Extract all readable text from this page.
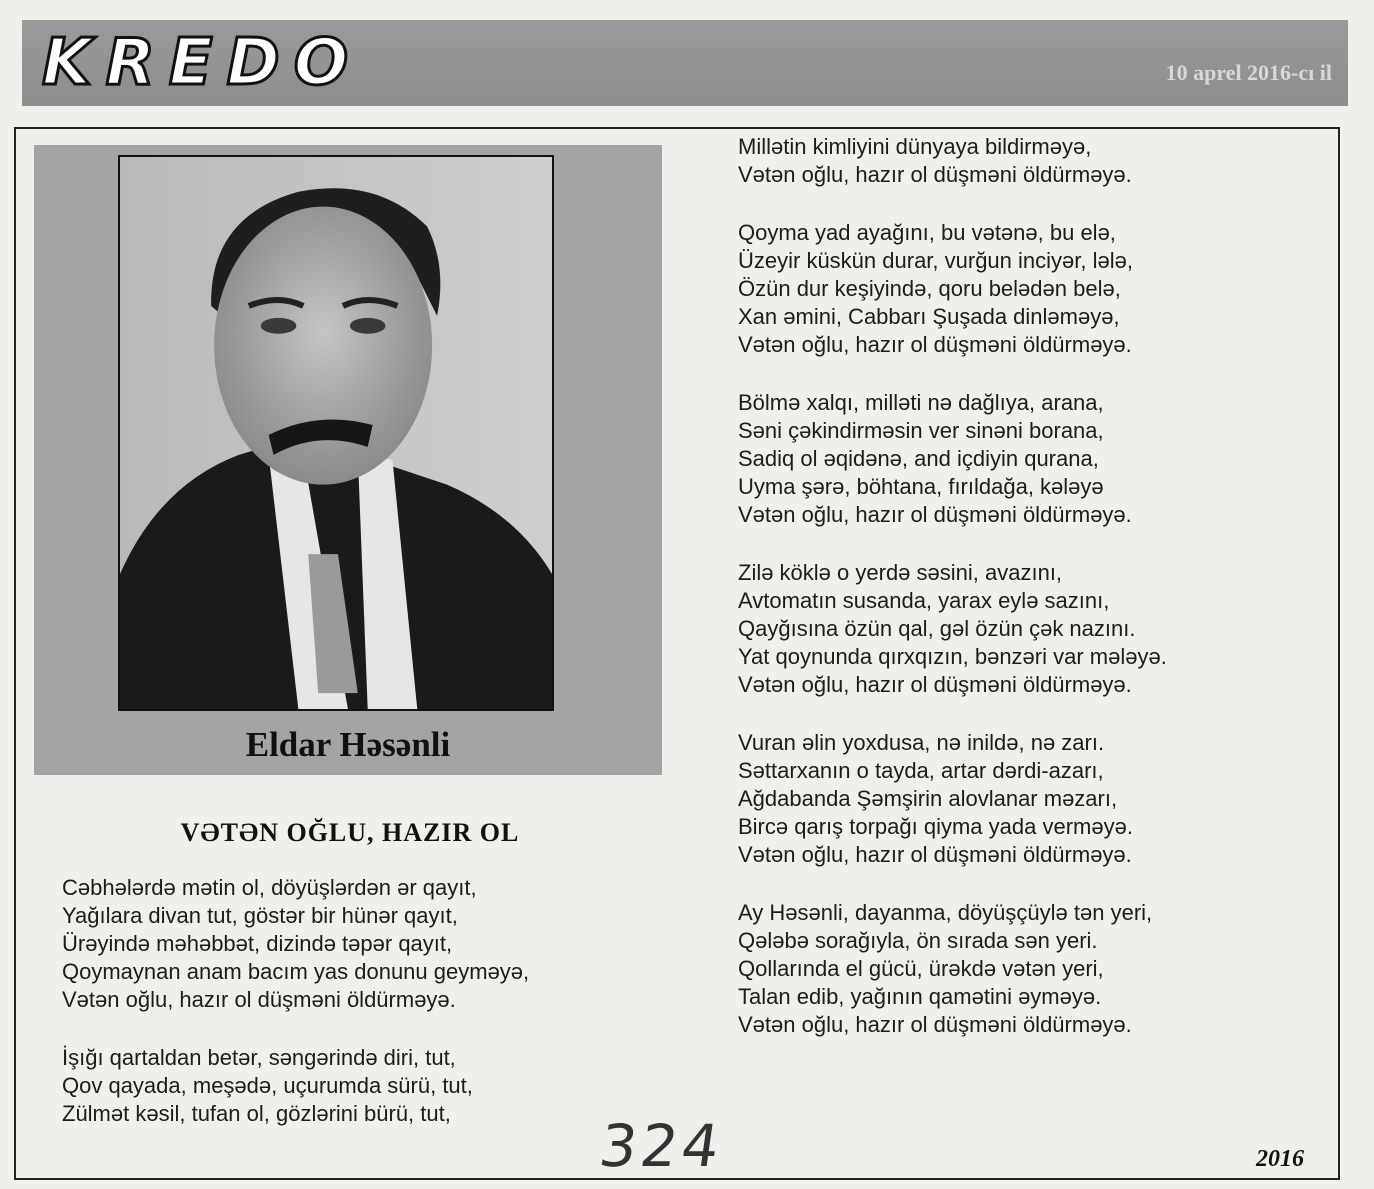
KREDO	10 aprel 2016-cı il
Eldar Həsənli
VƏTƏN OĞLU, HAZIR OL
Cəbhələrdə mətin ol, döyüşlərdən ər qayıt,
Yağılara divan tut, göstər bir hünər qayıt,
Ürəyində məhəbbət, dizində təpər qayıt,
Qoymaynan anam bacım yas donunu geyməyə,
Vətən oğlu, hazır ol düşməni öldürməyə.
İşığı qartaldan betər, səngərində diri, tut,
Qov qayada, meşədə, uçurumda sürü, tut,
Zülmət kəsil, tufan ol, gözlərini bürü, tut,
Millətin kimliyini dünyaya bildirməyə,
Vətən oğlu, hazır ol düşməni öldürməyə.
Qoyma yad ayağını, bu vətənə, bu elə,
Üzeyir küskün durar, vurğun inciyər, lələ,
Özün dur keşiyində, qoru belədən belə,
Xan əmini, Cabbarı Şuşada dinləməyə,
Vətən oğlu, hazır ol düşməni öldürməyə.
Bölmə xalqı, milləti nə dağlıya, arana,
Səni çəkindirməsin ver sinəni borana,
Sadiq ol əqidənə, and içdiyin qurana,
Uyma şərə, böhtana, fırıldağa, kələyə
Vətən oğlu, hazır ol düşməni öldürməyə.
Zilə köklə o yerdə səsini, avazını,
Avtomatın susanda, yarax eylə sazını,
Qayğısına özün qal, gəl özün çək nazını.
Yat qoynunda qırxqızın, bənzəri var mələyə.
Vətən oğlu, hazır ol düşməni öldürməyə.
Vuran əlin yoxdusa, nə inildə, nə zarı.
Səttarxanın o tayda, artar dərdi-azarı,
Ağdabanda Şəmşirin alovlanar məzarı,
Bircə qarış torpağı qiyma yada verməyə.
Vətən oğlu, hazır ol düşməni öldürməyə.
Ay Həsənli, dayanma, döyüşçüylə tən yeri,
Qələbə sorağıyla, ön sırada sən yeri.
Qollarında el gücü, ürəkdə vətən yeri,
Talan edib, yağının qamətini əyməyə.
Vətən oğlu, hazır ol düşməni öldürməyə.
324	2016
